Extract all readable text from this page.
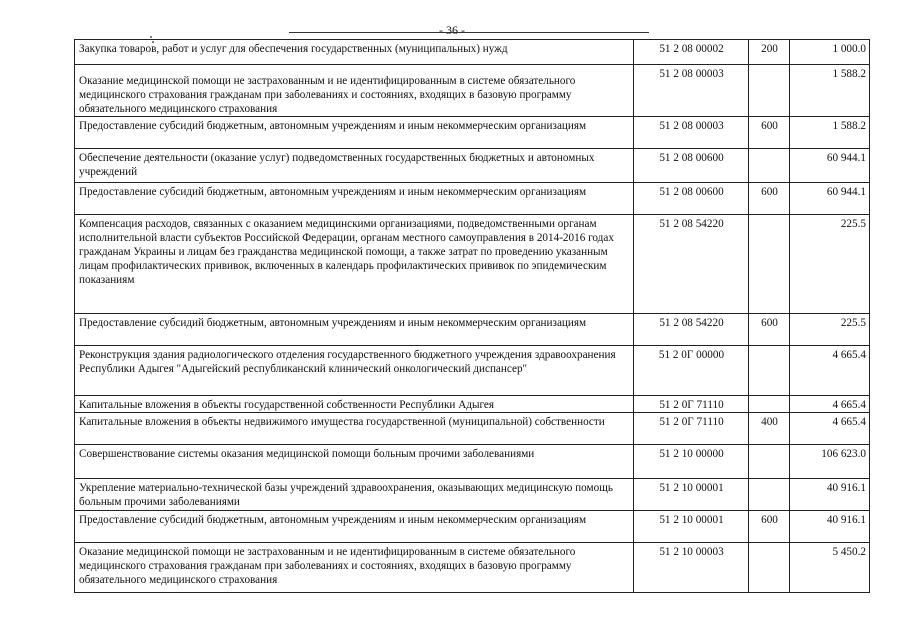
- 36 -
Закупка товаров, работ и услуг для обеспечения государственных (муниципальных) нужд	51 2 08 00002	200	1 000.0
Оказание медицинской помощи не застрахованным и не идентифицированным в системе обязательного медицинского страхования гражданам при заболеваниях и состояниях, входящих в базовую программу обязательного медицинского страхования	51 2 08 00003		1 588.2
Предоставление субсидий бюджетным, автономным учреждениям и иным некоммерческим организациям	51 2 08 00003	600	1 588.2
Обеспечение деятельности (оказание услуг) подведомственных государственных бюджетных и автономных учреждений	51 2 08 00600		60 944.1
Предоставление субсидий бюджетным, автономным учреждениям и иным некоммерческим организациям	51 2 08 00600	600	60 944.1
Компенсация расходов, связанных с оказанием медицинскими организациями, подведомственными органам исполнительной власти субъектов Российской Федерации, органам местного самоуправления в 2014-2016 годах гражданам Украины и лицам без гражданства медицинской помощи, а также затрат по проведению указанным лицам профилактических прививок, включенных в календарь профилактических прививок по эпидемическим показаниям	51 2 08 54220		225.5
Предоставление субсидий бюджетным, автономным учреждениям и иным некоммерческим организациям	51 2 08 54220	600	225.5
Реконструкция здания радиологического отделения государственного бюджетного учреждения здравоохранения Республики Адыгея "Адыгейский республиканский клинический онкологический диспансер"	51 2 0Г 00000		4 665.4
Капитальные вложения в объекты государственной собственности Республики Адыгея	51 2 0Г 71110		4 665.4
Капитальные вложения в объекты недвижимого имущества государственной (муниципальной) собственности	51 2 0Г 71110	400	4 665.4
Совершенствование системы оказания медицинской помощи больным прочими заболеваниями	51 2 10 00000		106 623.0
Укрепление материально-технической базы учреждений здравоохранения, оказывающих медицинскую помощь больным прочими заболеваниями	51 2 10 00001		40 916.1
Предоставление субсидий бюджетным, автономным учреждениям и иным некоммерческим организациям	51 2 10 00001	600	40 916.1
Оказание медицинской помощи не застрахованным и не идентифицированным в системе обязательного медицинского страхования гражданам при заболеваниях и состояниях, входящих в базовую программу обязательного медицинского страхования	51 2 10 00003		5 450.2
